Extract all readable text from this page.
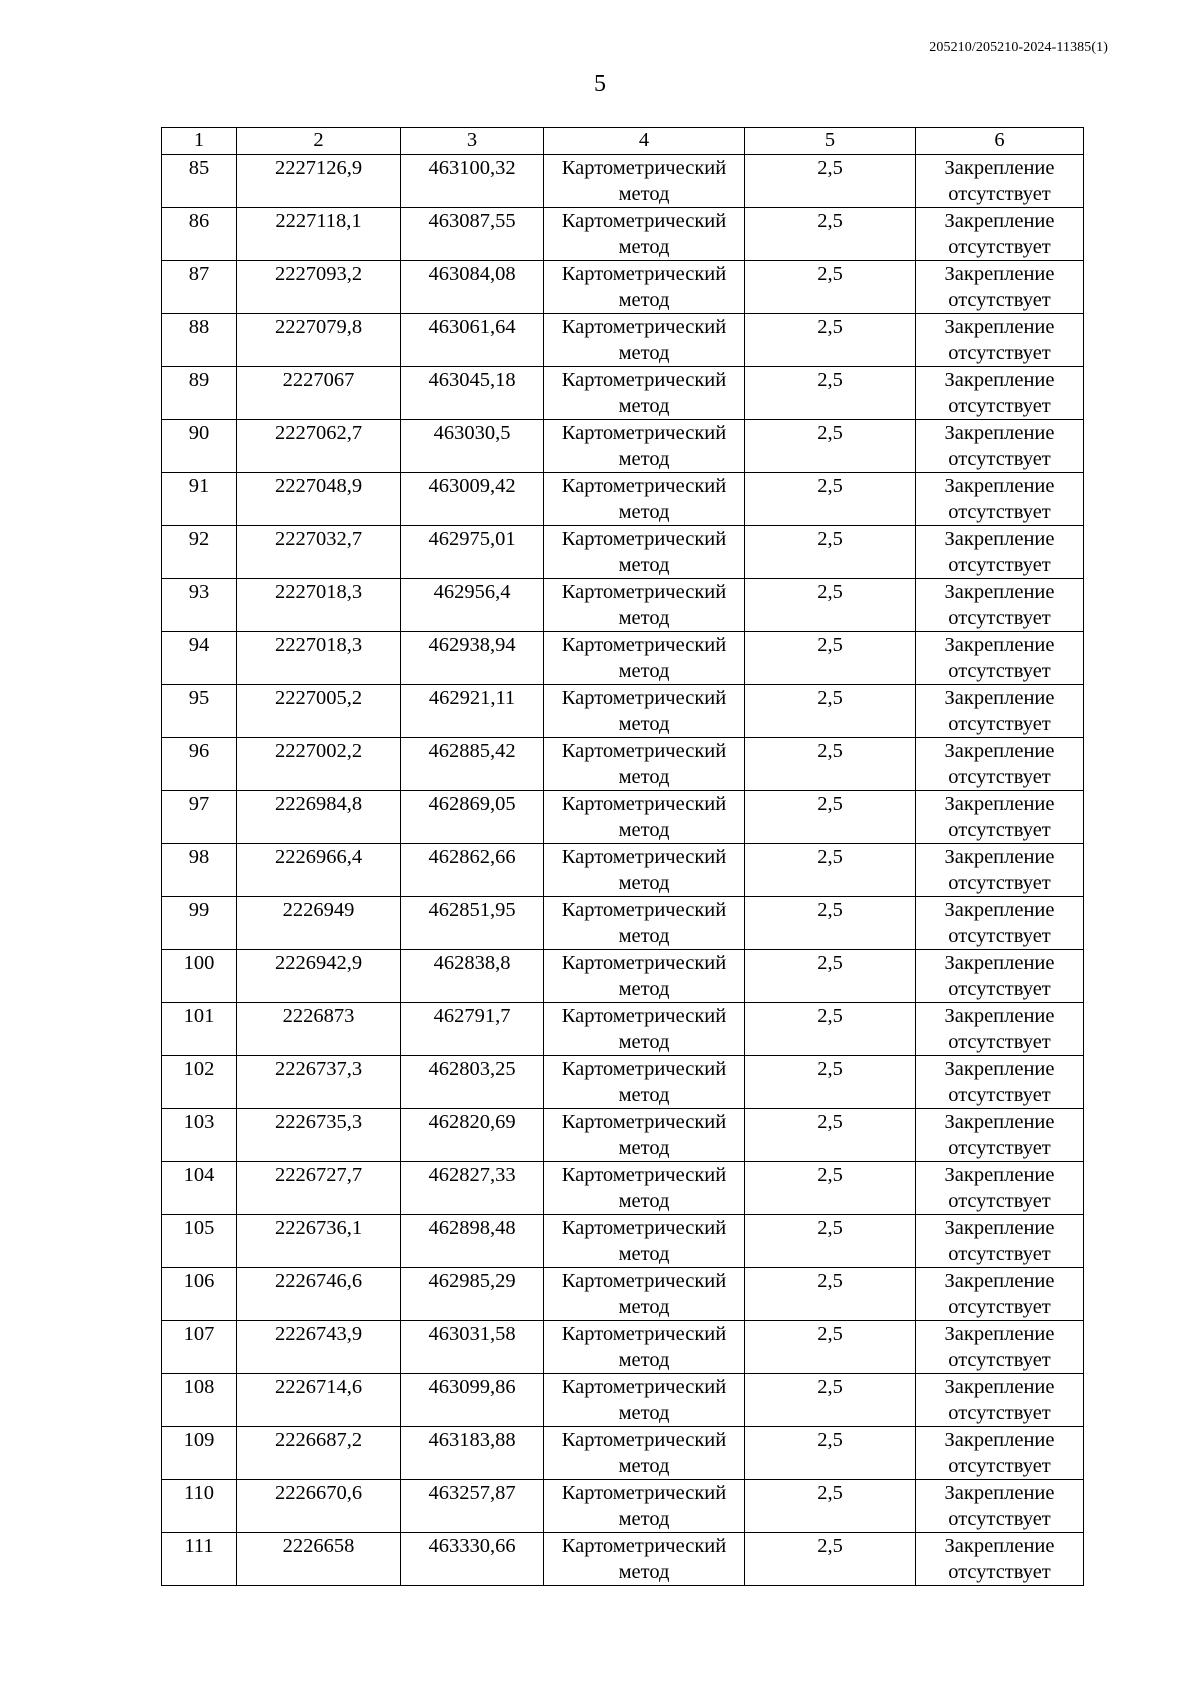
205210/205210-2024-11385(1)
5
1	2	3	4	5	6
85	2227126,9	463100,32	Картометрический метод	2,5	Закрепление отсутствует

86	2227118,1	463087,55	Картометрический метод	2,5	Закрепление отсутствует

87	2227093,2	463084,08	Картометрический метод	2,5	Закрепление отсутствует

88	2227079,8	463061,64	Картометрический метод	2,5	Закрепление отсутствует

89	2227067	463045,18	Картометрический метод	2,5	Закрепление отсутствует

90	2227062,7	463030,5	Картометрический метод	2,5	Закрепление отсутствует

91	2227048,9	463009,42	Картометрический метод	2,5	Закрепление отсутствует

92	2227032,7	462975,01	Картометрический метод	2,5	Закрепление отсутствует

93	2227018,3	462956,4	Картометрический метод	2,5	Закрепление отсутствует

94	2227018,3	462938,94	Картометрический метод	2,5	Закрепление отсутствует

95	2227005,2	462921,11	Картометрический метод	2,5	Закрепление отсутствует

96	2227002,2	462885,42	Картометрический метод	2,5	Закрепление отсутствует

97	2226984,8	462869,05	Картометрический метод	2,5	Закрепление отсутствует

98	2226966,4	462862,66	Картометрический метод	2,5	Закрепление отсутствует

99	2226949	462851,95	Картометрический метод	2,5	Закрепление отсутствует

100	2226942,9	462838,8	Картометрический метод	2,5	Закрепление отсутствует

101	2226873	462791,7	Картометрический метод	2,5	Закрепление отсутствует

102	2226737,3	462803,25	Картометрический метод	2,5	Закрепление отсутствует

103	2226735,3	462820,69	Картометрический метод	2,5	Закрепление отсутствует

104	2226727,7	462827,33	Картометрический метод	2,5	Закрепление отсутствует

105	2226736,1	462898,48	Картометрический метод	2,5	Закрепление отсутствует

106	2226746,6	462985,29	Картометрический метод	2,5	Закрепление отсутствует

107	2226743,9	463031,58	Картометрический метод	2,5	Закрепление отсутствует

108	2226714,6	463099,86	Картометрический метод	2,5	Закрепление отсутствует

109	2226687,2	463183,88	Картометрический метод	2,5	Закрепление отсутствует

110	2226670,6	463257,87	Картометрический метод	2,5	Закрепление отсутствует

111	2226658	463330,66	Картометрический метод	2,5	Закрепление отсутствует
